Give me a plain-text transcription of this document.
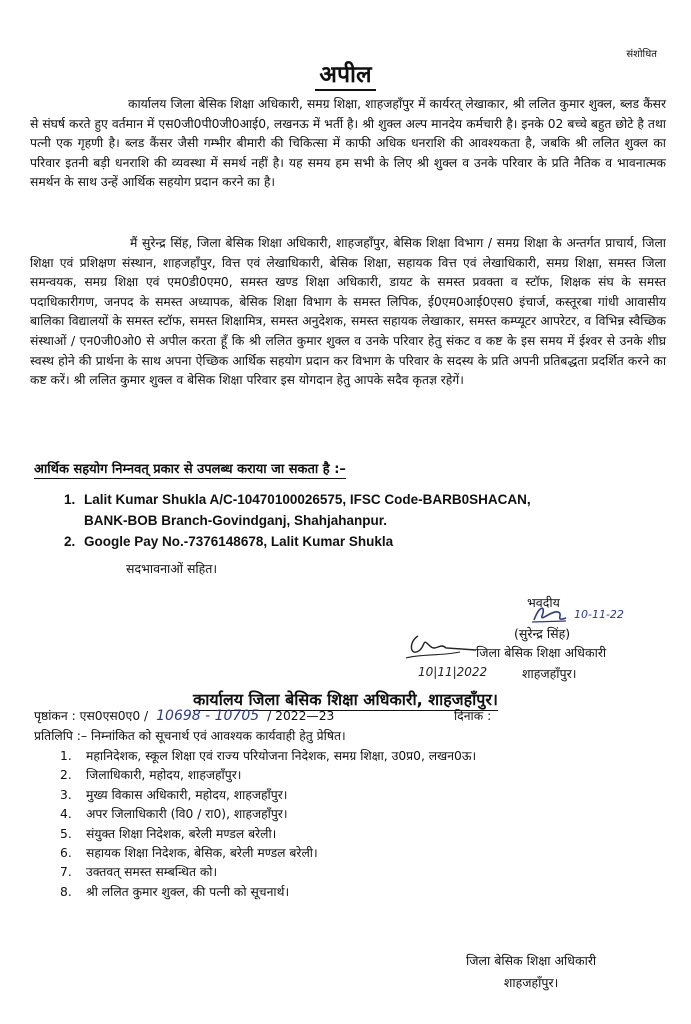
संशोधित
अपील
कार्यालय जिला बेसिक शिक्षा अधिकारी, समग्र शिक्षा, शाहजहाँपुर में कार्यरत् लेखाकार, श्री ललित कुमार शुक्ल, ब्लड कैंसर से संघर्ष करते हुए वर्तमान में एस0जी0पी0जी0आई0, लखनऊ में भर्ती है। श्री शुक्ल अल्प मानदेय कर्मचारी है। इनके 02 बच्चे बहुत छोटे है तथा पत्नी एक गृहणी है। ब्लड कैंसर जैसी गम्भीर बीमारी की चिकित्सा में काफी अधिक धनराशि की आवश्यकता है, जबकि श्री ललित शुक्ल का परिवार इतनी बड़ी धनराशि की व्यवस्था में समर्थ नहीं है। यह समय हम सभी के लिए श्री शुक्ल व उनके परिवार के प्रति नैतिक व भावनात्मक समर्थन के साथ उन्हें आर्थिक सहयोग प्रदान करने का है।
मैं सुरेन्द्र सिंह, जिला बेसिक शिक्षा अधिकारी, शाहजहाँपुर, बेसिक शिक्षा विभाग / समग्र शिक्षा के अन्तर्गत प्राचार्य, जिला शिक्षा एवं प्रशिक्षण संस्थान, शाहजहाँपुर, वित्त एवं लेखाधिकारी, बेसिक शिक्षा, सहायक वित्त एवं लेखाधिकारी, समग्र शिक्षा, समस्त जिला समन्वयक, समग्र शिक्षा एवं एम0डी0एम0, समस्त खण्ड शिक्षा अधिकारी, डायट के समस्त प्रवक्ता व स्टॉफ, शिक्षक संघ के समस्त पदाधिकारीगण, जनपद के समस्त अध्यापक, बेसिक शिक्षा विभाग के समस्त लिपिक, ई0एम0आई0एस0 इंचार्ज, कस्तूरबा गांधी आवासीय बालिका विद्यालयों के समस्त स्टॉफ, समस्त शिक्षामित्र, समस्त अनुदेशक, समस्त सहायक लेखाकार, समस्त कम्प्यूटर आपरेटर, व विभिन्न स्वैच्छिक संस्थाओं / एन0जी0ओ0 से अपील करता हूँ कि श्री ललित कुमार शुक्ल व उनके परिवार हेतु संकट व कष्ट के इस समय में ईश्वर से उनके शीघ्र स्वस्थ होने की प्रार्थना के साथ अपना ऐच्छिक आर्थिक सहयोग प्रदान कर विभाग के परिवार के सदस्य के प्रति अपनी प्रतिबद्धता प्रदर्शित करने का कष्ट करें। श्री ललित कुमार शुक्ल व बेसिक शिक्षा परिवार इस योगदान हेतु आपके सदैव कृतज्ञ रहेगें।
आर्थिक सहयोग निम्नवत् प्रकार से उपलब्ध कराया जा सकता है :–
1. Lalit Kumar Shukla A/C-10470100026575, IFSC Code-BARB0SHACAN,
BANK-BOB Branch-Govindganj, Shahjahanpur.
2. Google Pay No.-7376148678, Lalit Kumar Shukla
सदभावनाओं सहित।
भवदीय
10-11-22
(सुरेन्द्र सिंह)
जिला बेसिक शिक्षा अधिकारी
10|11|2022	शाहजहाँपुर।
कार्यालय जिला बेसिक शिक्षा अधिकारी, शाहजहाँपुर।
पृष्ठांकन : एस0एस0ए0 / 10698 - 10705 / 2022—23	दिनांक :
प्रतिलिपि :– निम्नांकित को सूचनार्थ एवं आवश्यक कार्यवाही हेतु प्रेषित।
1.	महानिदेशक, स्कूल शिक्षा एवं राज्य परियोजना निदेशक, समग्र शिक्षा, उ0प्र0, लखन0ऊ।
2.	जिलाधिकारी, महोदय, शाहजहाँपुर।
3.	मुख्य विकास अधिकारी, महोदय, शाहजहाँपुर।
4.	अपर जिलाधिकारी (वि0 / रा0), शाहजहाँपुर।
5.	संयुक्त शिक्षा निदेशक, बरेली मण्डल बरेली।
6.	सहायक शिक्षा निदेशक, बेसिक, बरेली मण्डल बरेली।
7.	उक्तवत् समस्त सम्बन्धित को।
8.	श्री ललित कुमार शुक्ल, की पत्नी को सूचनार्थ।
जिला बेसिक शिक्षा अधिकारी
शाहजहाँपुर।
